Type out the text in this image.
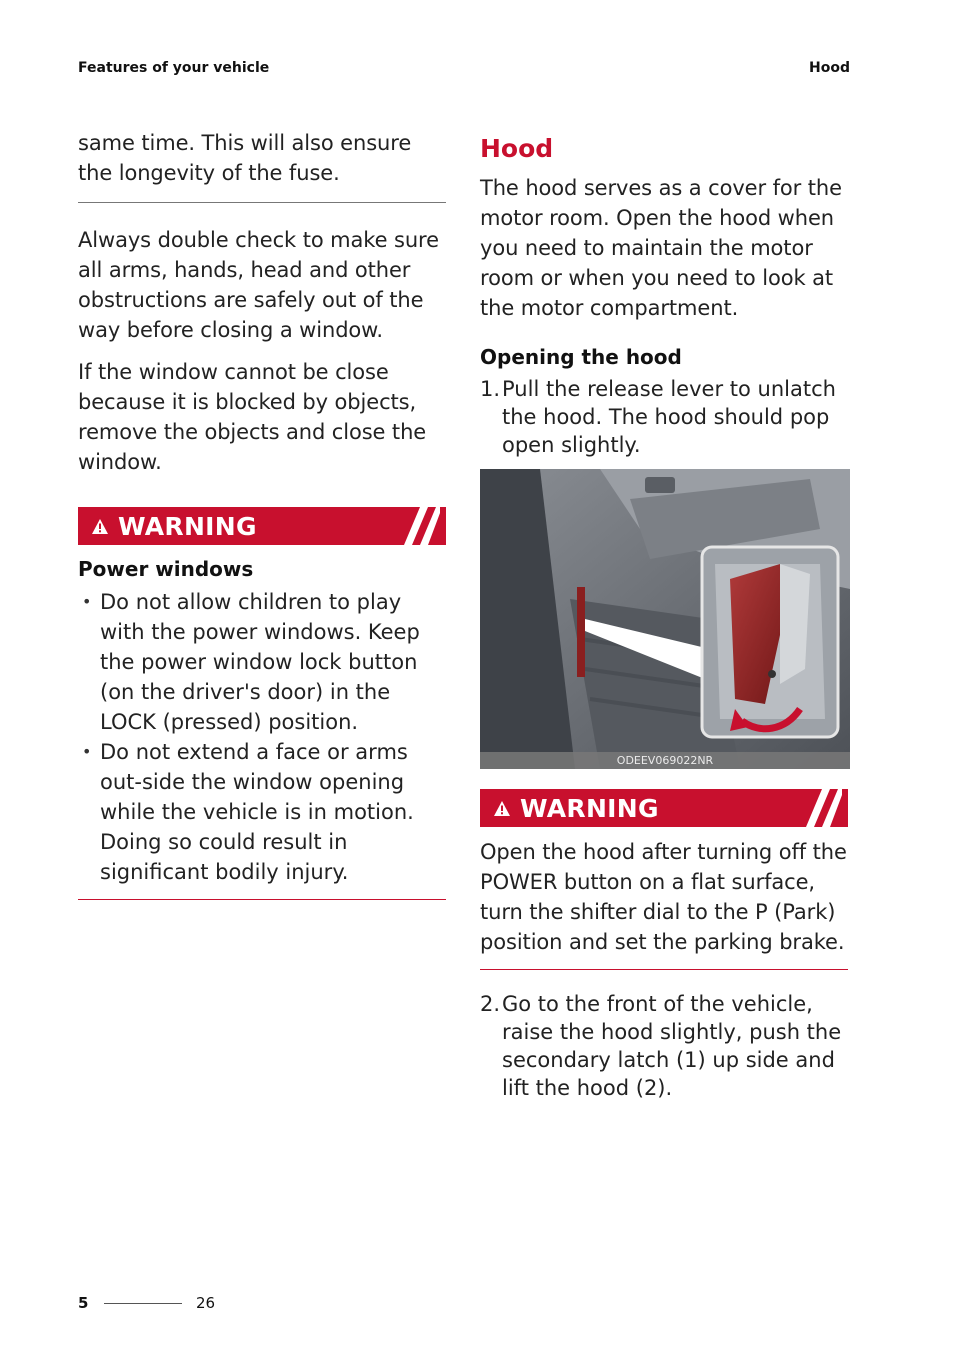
Features of your vehicle	Hood

same time. This will also ensure the longevity of the fuse.

Always double check to make sure all arms, hands, head and other obstructions are safely out of the way before closing a window.

If the window cannot be close because it is blocked by objects, remove the objects and close the window.

WARNING
Power windows
• Do not allow children to play with the power windows. Keep the power window lock button (on the driver's door) in the LOCK (pressed) position.
• Do not extend a face or arms out-side the window opening while the vehicle is in motion. Doing so could result in significant bodily injury.
Hood

The hood serves as a cover for the motor room. Open the hood when you need to maintain the motor room or when you need to look at the motor compartment.

Opening the hood
1. Pull the release lever to unlatch the hood. The hood should pop open slightly.
ODEEV069022NR
WARNING

Open the hood after turning off the POWER button on a flat surface, turn the shifter dial to the P (Park) position and set the parking brake.

2. Go to the front of the vehicle, raise the hood slightly, push the secondary latch (1) up side and lift the hood (2).
5	26
